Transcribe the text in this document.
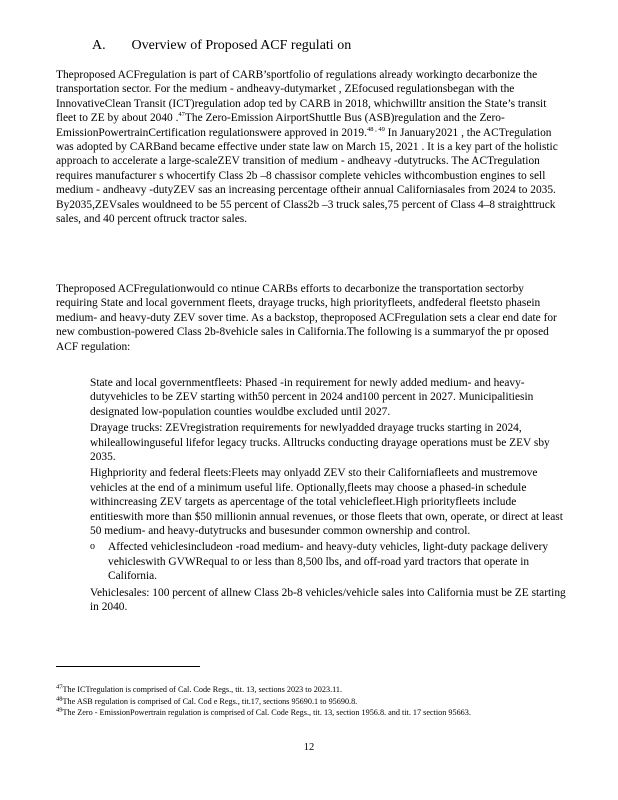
A. Overview of Proposed ACF regulati on

Theproposed ACFregulation is part of CARB’sportfolio of regulations already workingto decarbonize the transportation sector. For the medium - andheavy-dutymarket , ZEfocused regulationsbegan with the InnovativeClean Transit (ICT)regulation adop ted by CARB in 2018, whichwilltr ansition the State’s transit fleet to ZE by about 2040 .$^{47}$The Zero-Emission AirportShuttle Bus (ASB)regulation and the Zero-EmissionPowertrainCertification regulationswere approved in 2019.$^{48 , 49}$ In January2021 , the ACTregulation was adopted by CARBand became effective under state law on March 15, 2021 . It is a key part of the holistic approach to accelerate a large-scaleZEV transition of medium - andheavy -dutytrucks. The ACTregulation requires manufacturer s whocertify Class 2b –8 chassisor complete vehicles withcombustion engines to sell medium - andheavy -dutyZEV sas an increasing percentage oftheir annual Californiasales from 2024 to 2035. By2035,ZEVsales wouldneed to be 55 percent of Class2b –3 truck sales,75 percent of Class 4–8 straighttruck sales, and 40 percent oftruck tractor sales.

Theproposed ACFregulationwould co ntinue CARBs efforts to decarbonize the transportation sectorby requiring State and local government fleets, drayage trucks, high priorityfleets, andfederal fleetsto phasein medium- and heavy-duty ZEV sover time. As a backstop, theproposed ACFregulation sets a clear end date for new combustion-powered Class 2b-8vehicle sales in California.The following is a summaryof the pr oposed ACF regulation:

State and local governmentfleets: Phased -in requirement for newly added medium- and heavy-dutyvehicles to be ZEV starting with50 percent in 2024 and100 percent in 2027. Municipalitiesin designated low-population counties wouldbe excluded until 2027.
Drayage trucks: ZEVregistration requirements for newlyadded drayage trucks starting in 2024, whileallowinguseful lifefor legacy trucks. Alltrucks conducting drayage operations must be ZEV sby 2035.
Highpriority and federal fleets:Fleets may onlyadd ZEV sto their Californiafleets and mustremove vehicles at the end of a minimum useful life. Optionally,fleets may choose a phased-in schedule withincreasing ZEV targets as apercentage of the total vehiclefleet.High priorityfleets include entitieswith more than $50 millionin annual revenues, or those fleets that own, operate, or direct at least 50 medium- and heavy-dutytrucks and busesunder common ownership and control.
o Affected vehiclesincludeon -road medium- and heavy-duty vehicles, light-duty package delivery vehicleswith GVWRequal to or less than 8,500 lbs, and off-road yard tractors that operate in California.
Vehiclesales: 100 percent of allnew Class 2b-8 vehicles/vehicle sales into California must be ZE starting in 2040.

$^{47}$The ICTregulation is comprised of Cal. Code Regs., tit. 13, sections 2023 to 2023.11.

$^{48}$The ASB regulation is comprised of Cal. Cod e Regs., tit.17, sections 95690.1 to 95690.8.

$^{49}$The Zero - EmissionPowertrain regulation is comprised of Cal. Code Regs., tit. 13, section 1956.8. and tit. 17 section 95663.

12
